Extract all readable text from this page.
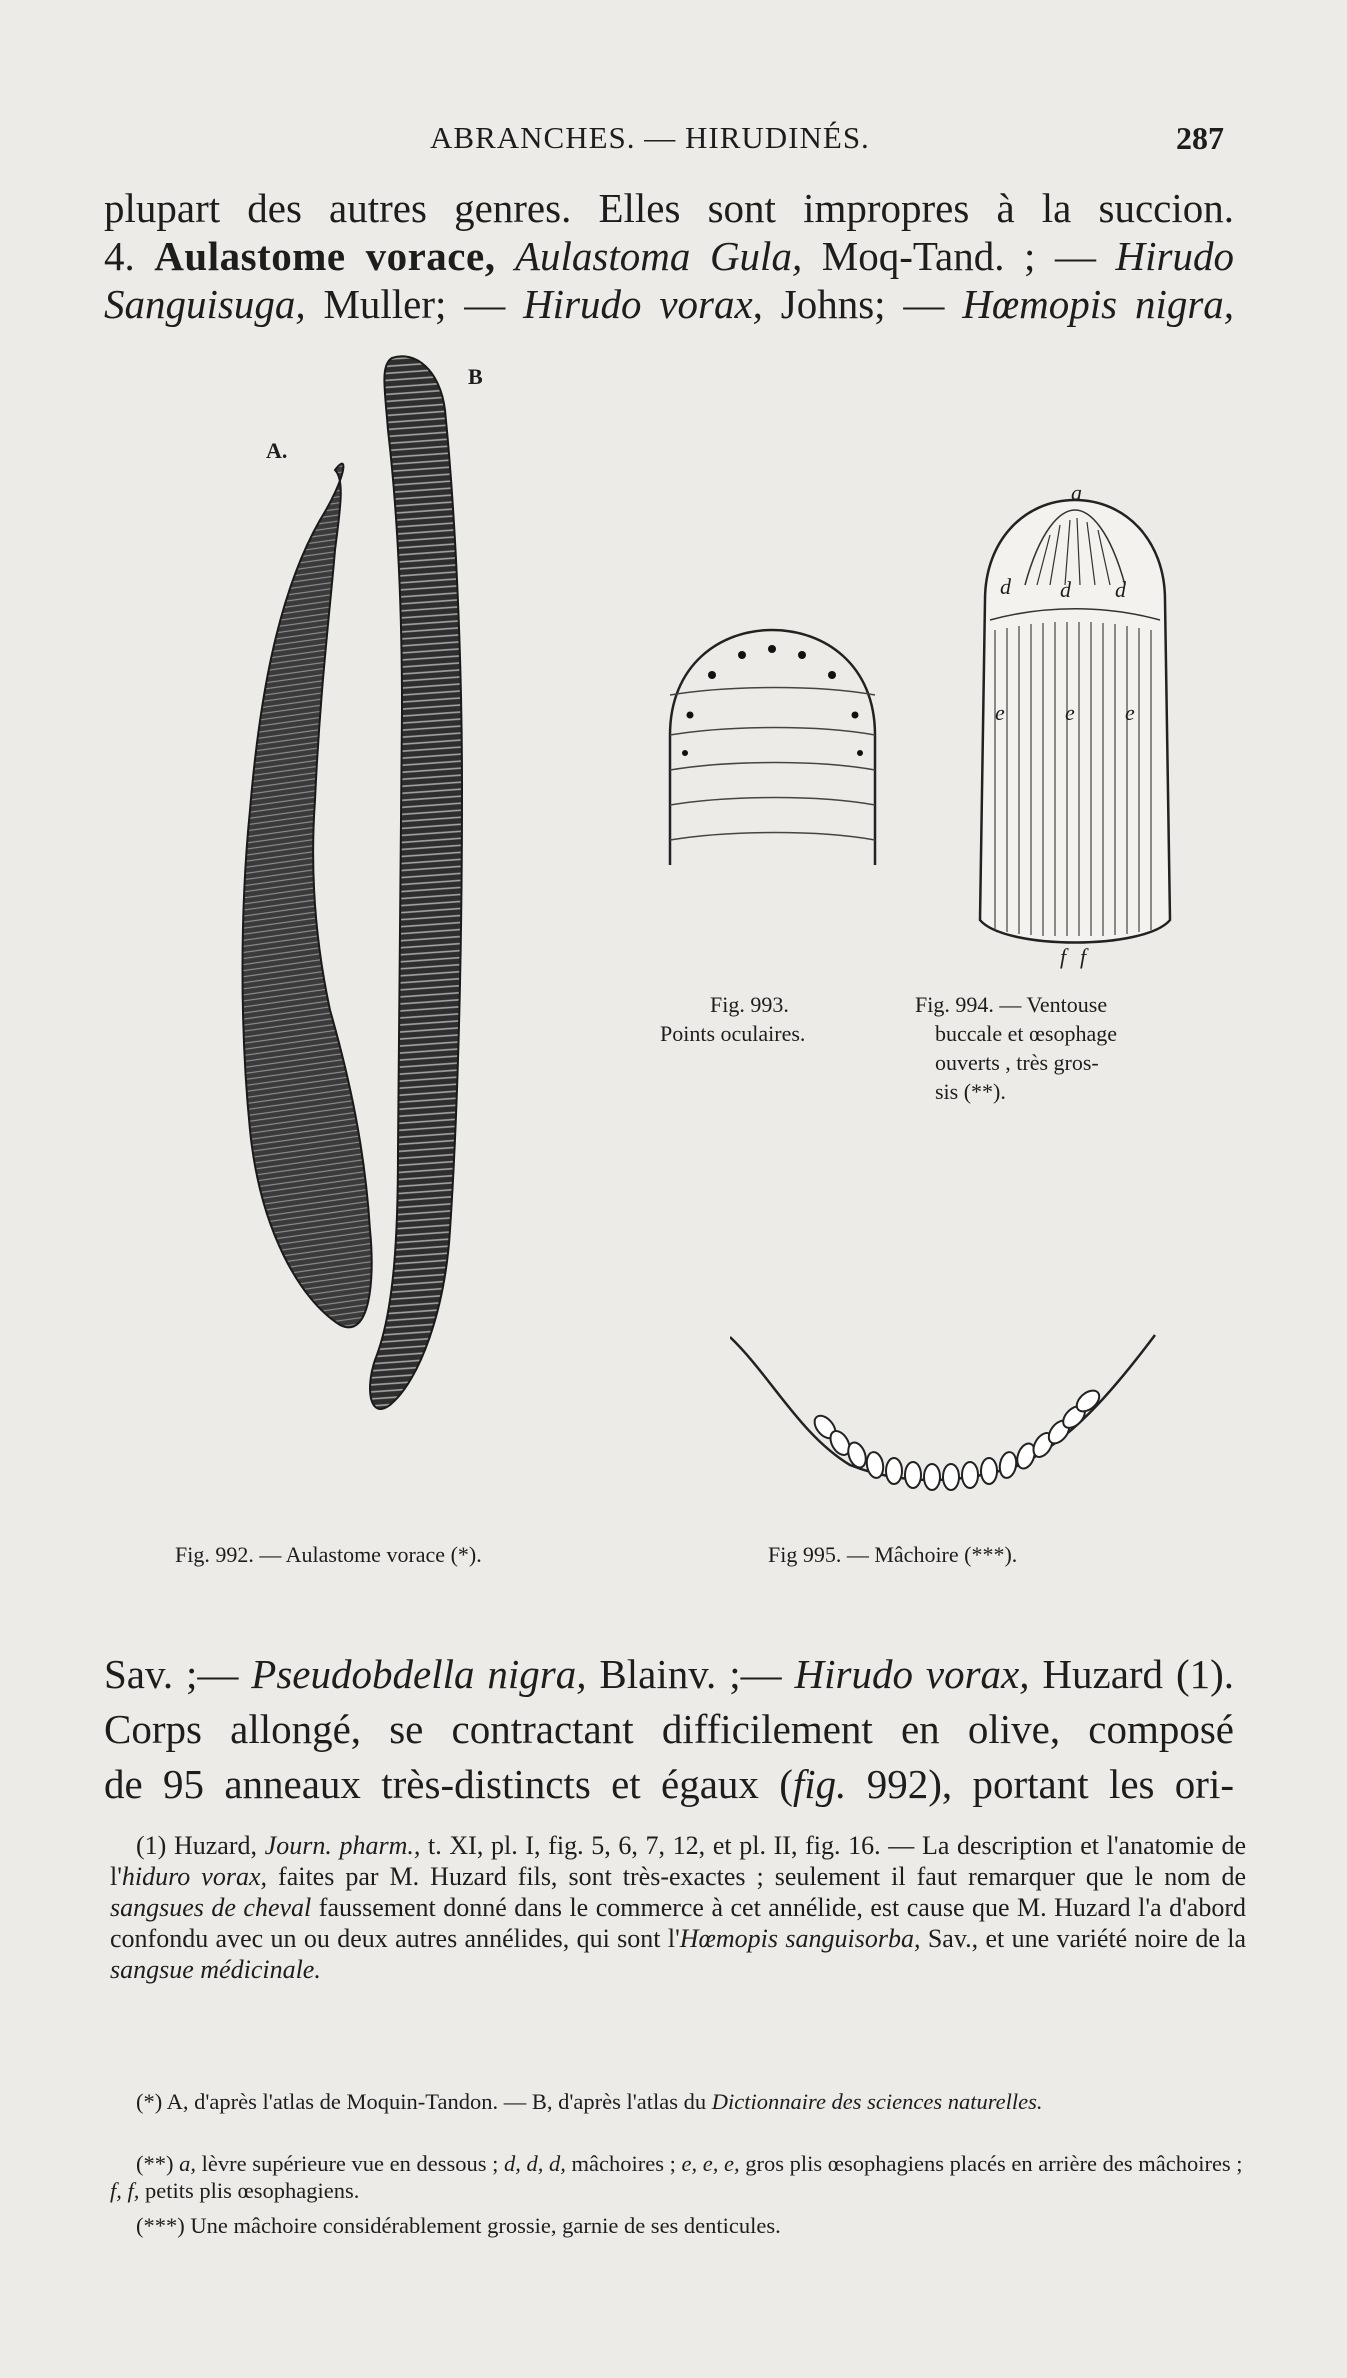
ABRANCHES. — HIRUDINÉS.	287
plupart des autres genres. Elles sont impropres à la succion.
4. Aulastome vorace, Aulastoma Gula, Moq-Tand. ; — Hirudo
Sanguisuga, Muller; — Hirudo vorax, Johns; — Hœmopis nigra,
A.
B
Fig. 992. — Aulastome vorace (*).
Fig. 993.
Points oculaires.
a
d d d
e	e e
f f
Fig. 994. — Ventouse
buccale et œsophage
ouverts , très gros-
sis (**).
Fig 995. — Mâchoire (***).
Sav. ;— Pseudobdella nigra, Blainv. ;— Hirudo vorax, Huzard (1).
Corps allongé, se contractant difficilement en olive, composé
de 95 anneaux très-distincts et égaux (fig. 992), portant les ori-
(1) Huzard, Journ. pharm., t. XI, pl. I, fig. 5, 6, 7, 12, et pl. II, fig. 16. — La description et l'anatomie de l'hiduro vorax, faites par M. Huzard fils, sont très-exactes ; seulement il faut remarquer que le nom de sangsues de cheval faussement donné dans le commerce à cet annélide, est cause que M. Huzard l'a d'abord confondu avec un ou deux autres annélides, qui sont l'Hœmopis sanguisorba, Sav., et une variété noire de la sangsue médicinale.
(*) A, d'après l'atlas de Moquin-Tandon. — B, d'après l'atlas du Dictionnaire des sciences naturelles.
(**) a, lèvre supérieure vue en dessous ; d, d, d, mâchoires ; e, e, e, gros plis œsophagiens placés en arrière des mâchoires ; f, f, petits plis œsophagiens.
(***) Une mâchoire considérablement grossie, garnie de ses denticules.
